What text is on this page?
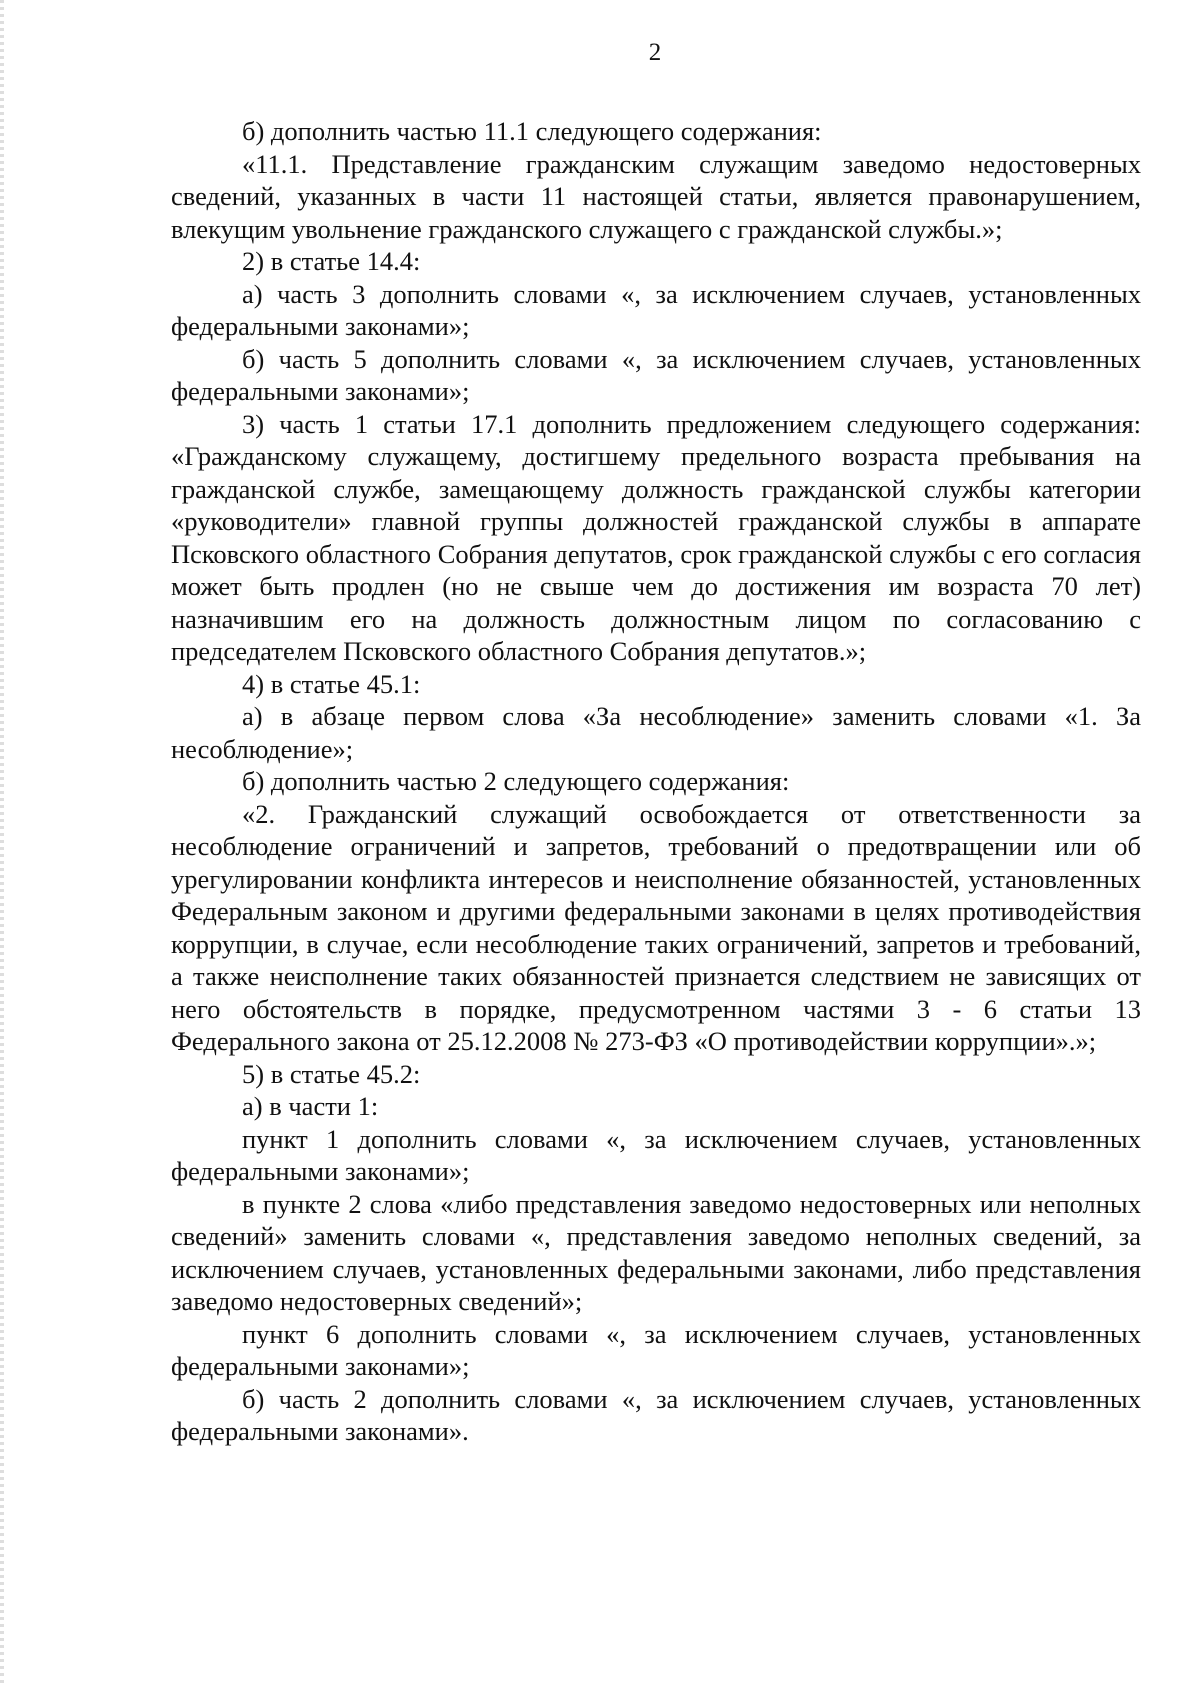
2

б) дополнить частью 11.1 следующего содержания:

«11.1. Представление гражданским служащим заведомо недостоверных сведений, указанных в части 11 настоящей статьи, является правонарушением, влекущим увольнение гражданского служащего с гражданской службы.»;

2) в статье 14.4:

а) часть 3 дополнить словами «, за исключением случаев, установленных федеральными законами»;

б) часть 5 дополнить словами «, за исключением случаев, установленных федеральными законами»;

3) часть 1 статьи 17.1 дополнить предложением следующего содержания: «Гражданскому служащему, достигшему предельного возраста пребывания на гражданской службе, замещающему должность гражданской службы категории «руководители» главной группы должностей гражданской службы в аппарате Псковского областного Собрания депутатов, срок гражданской службы с его согласия может быть продлен (но не свыше чем до достижения им возраста 70 лет) назначившим его на должность должностным лицом по согласованию с председателем Псковского областного Собрания депутатов.»;

4) в статье 45.1:

а) в абзаце первом слова «За несоблюдение» заменить словами «1. За несоблюдение»;

б) дополнить частью 2 следующего содержания:

«2. Гражданский служащий освобождается от ответственности за несоблюдение ограничений и запретов, требований о предотвращении или об урегулировании конфликта интересов и неисполнение обязанностей, установленных Федеральным законом и другими федеральными законами в целях противодействия коррупции, в случае, если несоблюдение таких ограничений, запретов и требований, а также неисполнение таких обязанностей признается следствием не зависящих от него обстоятельств в порядке, предусмотренном частями 3 - 6 статьи 13 Федерального закона от 25.12.2008 № 273-ФЗ «О противодействии коррупции».»;

5) в статье 45.2:

а) в части 1:

пункт 1 дополнить словами «, за исключением случаев, установленных федеральными законами»;

в пункте 2 слова «либо представления заведомо недостоверных или неполных сведений» заменить словами «, представления заведомо неполных сведений, за исключением случаев, установленных федеральными законами, либо представления заведомо недостоверных сведений»;

пункт 6 дополнить словами «, за исключением случаев, установленных федеральными законами»;

б) часть 2 дополнить словами «, за исключением случаев, установленных федеральными законами».
